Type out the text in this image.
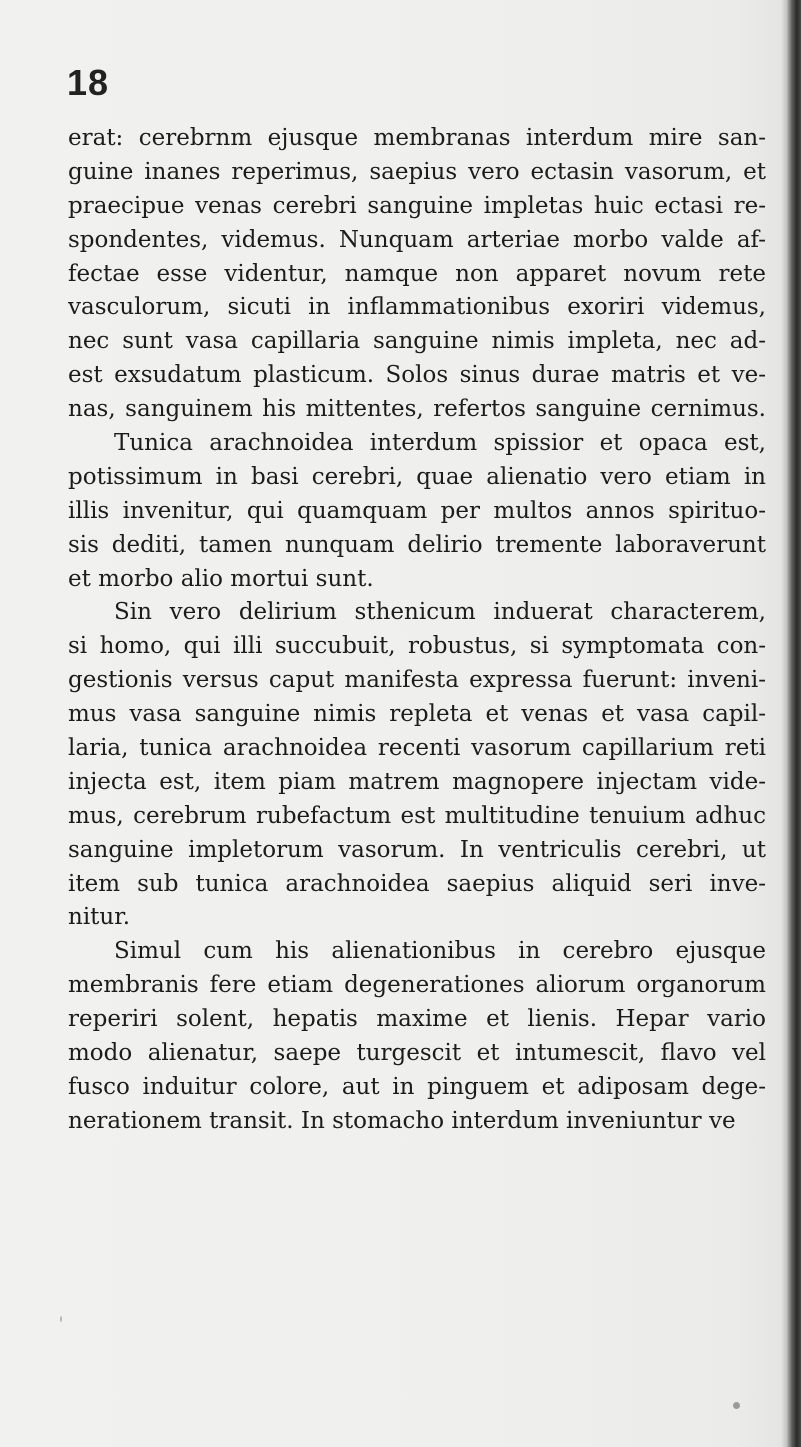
18
erat: cerebrnm ejusque membranas interdum mire san-
guine inanes reperimus, saepius vero ectasin vasorum, et
praecipue venas cerebri sanguine impletas huic ectasi re-
spondentes, videmus. Nunquam arteriae morbo valde af-
fectae esse videntur, namque non apparet novum rete
vasculorum, sicuti in inflammationibus exoriri videmus,
nec sunt vasa capillaria sanguine nimis impleta, nec ad-
est exsudatum plasticum. Solos sinus durae matris et ve-
nas, sanguinem his mittentes, refertos sanguine cernimus.
Tunica arachnoidea interdum spissior et opaca est,
potissimum in basi cerebri, quae alienatio vero etiam in
illis invenitur, qui quamquam per multos annos spirituo-
sis dediti, tamen nunquam delirio tremente laboraverunt
et morbo alio mortui sunt.
Sin vero delirium sthenicum induerat characterem,
si homo, qui illi succubuit, robustus, si symptomata con-
gestionis versus caput manifesta expressa fuerunt: inveni-
mus vasa sanguine nimis repleta et venas et vasa capil-
laria, tunica arachnoidea recenti vasorum capillarium reti
injecta est, item piam matrem magnopere injectam vide-
mus, cerebrum rubefactum est multitudine tenuium adhuc
sanguine impletorum vasorum. In ventriculis cerebri, ut
item sub tunica arachnoidea saepius aliquid seri inve-
nitur.
Simul cum his alienationibus in cerebro ejusque
membranis fere etiam degenerationes aliorum organorum
reperiri solent, hepatis maxime et lienis. Hepar vario
modo alienatur, saepe turgescit et intumescit, flavo vel
fusco induitur colore, aut in pinguem et adiposam dege-
nerationem transit. In stomacho interdum inveniuntur ve
